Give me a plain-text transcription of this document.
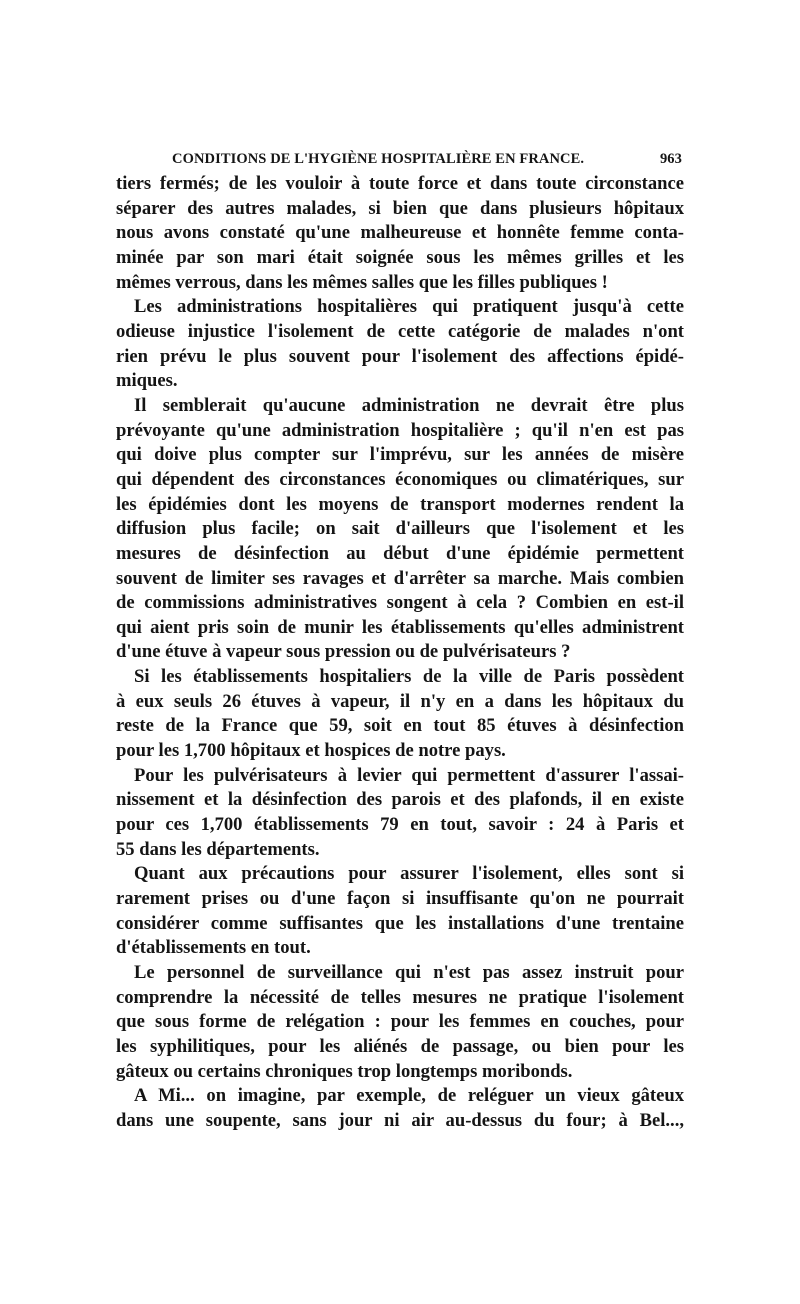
CONDITIONS DE L'HYGIÈNE HOSPITALIÈRE EN FRANCE.	963
tiers fermés; de les vouloir à toute force et dans toute circonstance
séparer des autres malades, si bien que dans plusieurs hôpitaux
nous avons constaté qu'une malheureuse et honnête femme conta-
minée par son mari était soignée sous les mêmes grilles et les
mêmes verrous, dans les mêmes salles que les filles publiques !
Les administrations hospitalières qui pratiquent jusqu'à cette
odieuse injustice l'isolement de cette catégorie de malades n'ont
rien prévu le plus souvent pour l'isolement des affections épidé-
miques.
Il semblerait qu'aucune administration ne devrait être plus
prévoyante qu'une administration hospitalière ; qu'il n'en est pas
qui doive plus compter sur l'imprévu, sur les années de misère
qui dépendent des circonstances économiques ou climatériques, sur
les épidémies dont les moyens de transport modernes rendent la
diffusion plus facile; on sait d'ailleurs que l'isolement et les
mesures de désinfection au début d'une épidémie permettent
souvent de limiter ses ravages et d'arrêter sa marche. Mais combien
de commissions administratives songent à cela ? Combien en est-il
qui aient pris soin de munir les établissements qu'elles administrent
d'une étuve à vapeur sous pression ou de pulvérisateurs ?
Si les établissements hospitaliers de la ville de Paris possèdent
à eux seuls 26 étuves à vapeur, il n'y en a dans les hôpitaux du
reste de la France que 59, soit en tout 85 étuves à désinfection
pour les 1,700 hôpitaux et hospices de notre pays.
Pour les pulvérisateurs à levier qui permettent d'assurer l'assai-
nissement et la désinfection des parois et des plafonds, il en existe
pour ces 1,700 établissements 79 en tout, savoir : 24 à Paris et
55 dans les départements.
Quant aux précautions pour assurer l'isolement, elles sont si
rarement prises ou d'une façon si insuffisante qu'on ne pourrait
considérer comme suffisantes que les installations d'une trentaine
d'établissements en tout.
Le personnel de surveillance qui n'est pas assez instruit pour
comprendre la nécessité de telles mesures ne pratique l'isolement
que sous forme de relégation : pour les femmes en couches, pour
les syphilitiques, pour les aliénés de passage, ou bien pour les
gâteux ou certains chroniques trop longtemps moribonds.
A Mi... on imagine, par exemple, de reléguer un vieux gâteux
dans une soupente, sans jour ni air au-dessus du four; à Bel...,
